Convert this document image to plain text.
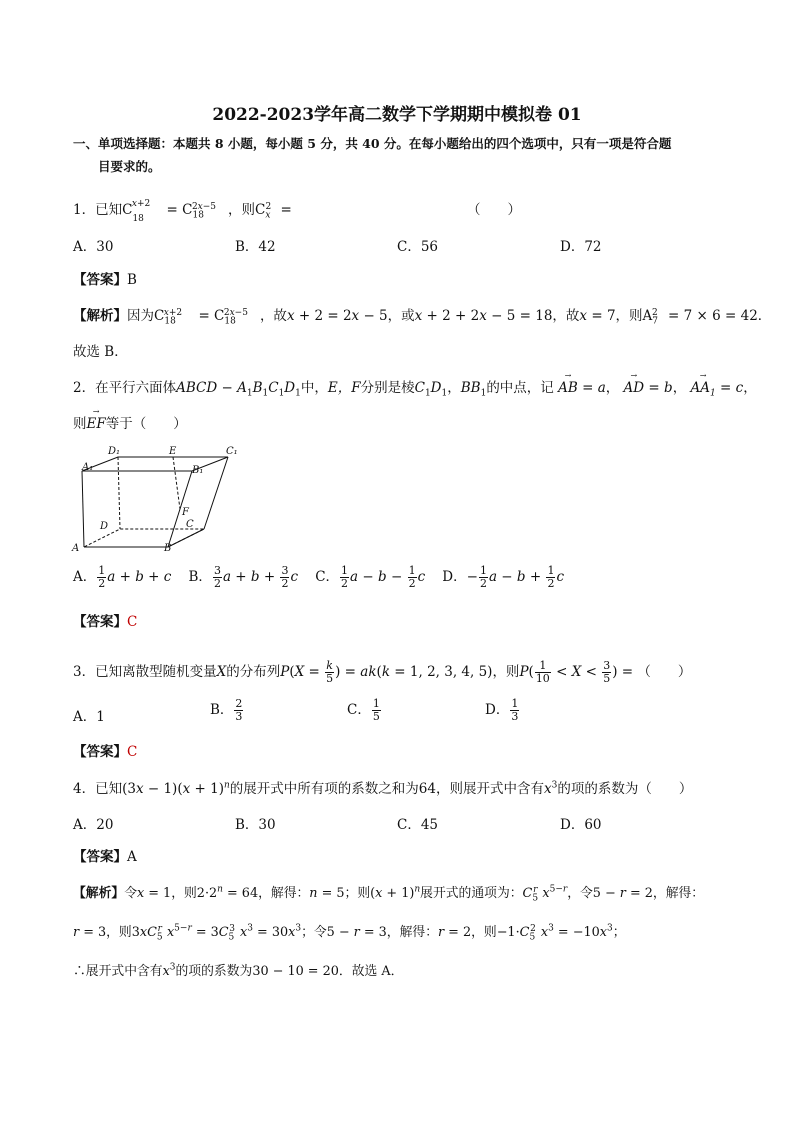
2022-2023学年高二数学下学期期中模拟卷 01
一、单项选择题：本题共 8 小题，每小题 5 分，共 40 分。在每小题给出的四个选项中，只有一项是符合题
目要求的。
1．已知$C_{18}^{x+2} = C_{18}^{2x-5}$ ，则$C_x^2$ =	（　　）
A．30	B．42	C．56	D．72
【答案】B
【解析】因为$C_{18}^{x+2} = C_{18}^{2x-5}$ ，故x + 2 = 2x − 5，或x + 2 + 2x − 5 = 18，故x = 7，则$A_7^2 = 7 \times 6 = 42$．
故选 B．
2．在平行六面体ABCD − $A_1B_1C_1D_1$中，E，F分别是棱$C_1D_1$，$BB_1$的中点，记 AB
→
= a， AD
→
= b， $AA_1$
→
= c，
则EF
→
等于（　　）
D₁	E	C₁
A₁	B₁
F
D	C
A	B
A． $\frac{1}{2}$ a + b + c    B． $\frac{3}{2}$ $a + b + \frac{3}{2}$ c    C． $\frac{1}{2}$ $a - b - \frac{1}{2}$ c    D．− $\frac{1}{2}$ $a - b + \frac{1}{2}$ c
【答案】C
3．已知离散型随机变量X的分布列$P(X = \frac{k}{5}$ ) = ak(k = 1, 2, 3, 4, 5)，则$P( \frac{1}{10} < X < \frac{3}{5}$ ) = （　　）
A．1	B． $\frac{2}{3}$	C． $\frac{1}{5}$	D． $\frac{1}{3}$
【答案】C
4．已知$(3x - 1)(x + 1)^n$的展开式中所有项的系数之和为64，则展开式中含有$x^3$的项的系数为（　　）
A．20	B．30	C．45	D．60
【答案】A
【解析】令x = 1，则$2\cdot 2^n = 64$，解得：n = 5；则$(x + 1)^n$展开式的通项为：$C_5^r$ $x^{5-r}$，令5 − r = 2，解得：
r = 3，则$3xC_5^r$ $x^{5-r} = 3C_5^3$ $x^3 = 30x^3$；令5 − r = 3，解得：r = 2，则$-1\cdot C_5^2$ $x^3 = -10x^3$；
∴展开式中含有$x^3$的项的系数为30 − 10 = 20．故选 A．
